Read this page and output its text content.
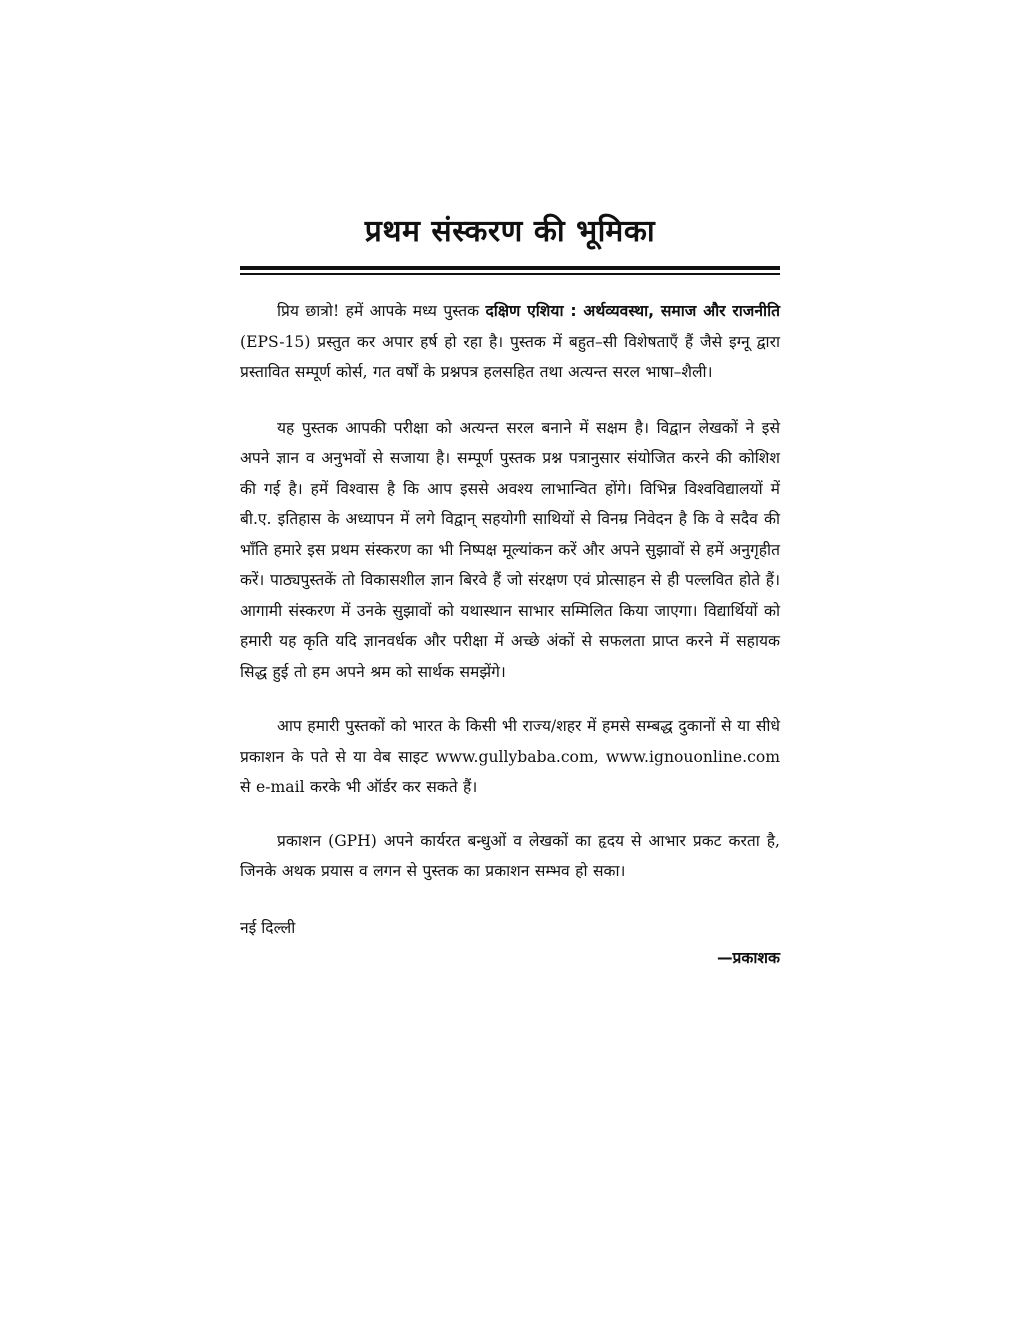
प्रथम संस्करण की भूमिका

प्रिय छात्रो! हमें आपके मध्य पुस्तक दक्षिण एशिया : अर्थव्यवस्था, समाज और राजनीति (EPS-15) प्रस्तुत कर अपार हर्ष हो रहा है। पुस्तक में बहुत–सी विशेषताएँ हैं जैसे इग्नू द्वारा प्रस्तावित सम्पूर्ण कोर्स, गत वर्षों के प्रश्नपत्र हलसहित तथा अत्यन्त सरल भाषा–शैली।

यह पुस्तक आपकी परीक्षा को अत्यन्त सरल बनाने में सक्षम है। विद्वान लेखकों ने इसे अपने ज्ञान व अनुभवों से सजाया है। सम्पूर्ण पुस्तक प्रश्न पत्रानुसार संयोजित करने की कोशिश की गई है। हमें विश्वास है कि आप इससे अवश्य लाभान्वित होंगे। विभिन्न विश्वविद्यालयों में बी.ए. इतिहास के अध्यापन में लगे विद्वान् सहयोगी साथियों से विनम्र निवेदन है कि वे सदैव की भाँति हमारे इस प्रथम संस्करण का भी निष्पक्ष मूल्यांकन करें और अपने सुझावों से हमें अनुगृहीत करें। पाठ्यपुस्तकें तो विकासशील ज्ञान बिरवे हैं जो संरक्षण एवं प्रोत्साहन से ही पल्लवित होते हैं। आगामी संस्करण में उनके सुझावों को यथास्थान साभार सम्मिलित किया जाएगा। विद्यार्थियों को हमारी यह कृति यदि ज्ञानवर्धक और परीक्षा में अच्छे अंकों से सफलता प्राप्त करने में सहायक सिद्ध हुई तो हम अपने श्रम को सार्थक समझेंगे।

आप हमारी पुस्तकों को भारत के किसी भी राज्य/शहर में हमसे सम्बद्ध दुकानों से या सीधे प्रकाशन के पते से या वेब साइट www.gullybaba.com, www.ignouonline.com से e-mail करके भी ऑर्डर कर सकते हैं।

प्रकाशन (GPH) अपने कार्यरत बन्धुओं व लेखकों का हृदय से आभार प्रकट करता है, जिनके अथक प्रयास व लगन से पुस्तक का प्रकाशन सम्भव हो सका।

नई दिल्ली

—प्रकाशक
